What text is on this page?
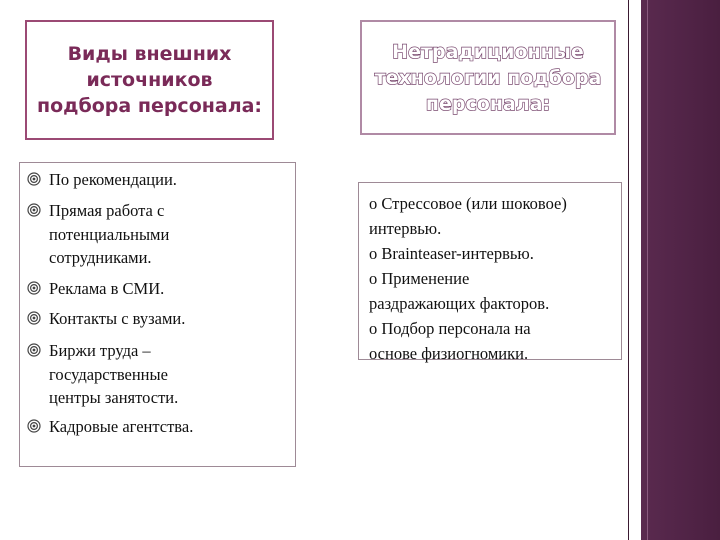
Виды внешних
источников
подбора персонала:
Нетрадиционные
технологии подбора
персонала:
По рекомендации.
Прямая работа с
потенциальными
сотрудниками.
Реклама в СМИ.
Контакты с вузами.
Биржи труда –
государственные
центры занятости.
Кадровые агентства.
o Стрессовое (или шоковое)
интервью.
o Brainteaser-интервью.
o Применение
раздражающих факторов.
o Подбор персонала на
основе физиогномики.
